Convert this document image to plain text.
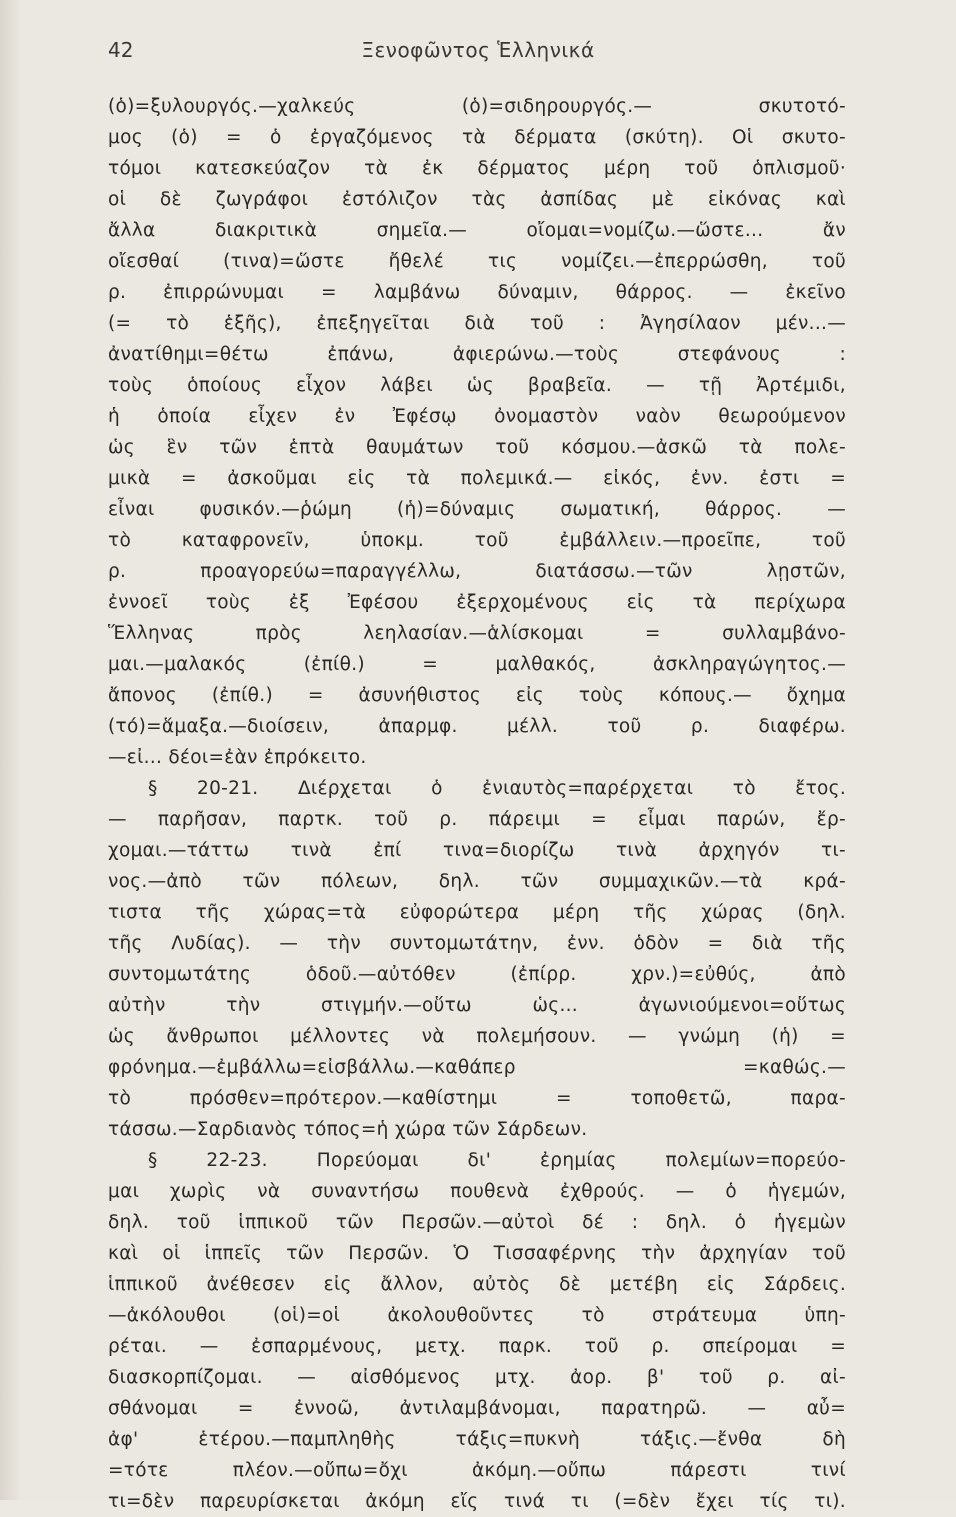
42	Ξενοφῶντος Ἑλληνικά
(ὁ)=ξυλουργός.—χαλκεύς (ὁ)=σιδηρουργός.— σκυτοτό-
μος (ὁ) = ὁ ἐργαζόμενος τὰ δέρματα (σκύτη). Οἱ σκυτο-
τόμοι κατεσκεύαζον τὰ ἐκ δέρματος μέρη τοῦ ὁπλισμοῦ·
οἱ δὲ ζωγράφοι ἐστόλιζον τὰς ἀσπίδας μὲ εἰκόνας καὶ
ἄλλα διακριτικὰ σημεῖα.— οἴομαι=νομίζω.—ὥστε... ἄν
οἴεσθαί (τινα)=ὥστε ἤθελέ τις νομίζει.—ἐπερρώσθη, τοῦ
ρ. ἐπιρρώνυμαι = λαμβάνω δύναμιν, θάρρος. — ἐκεῖνο
(= τὸ ἑξῆς), ἐπεξηγεῖται διὰ τοῦ : Ἀγησίλαον μέν...—
ἀνατίθημι=θέτω ἐπάνω, ἀφιερώνω.—τοὺς στεφάνους :
τοὺς ὁποίους εἶχον λάβει ὡς βραβεῖα. — τῇ Ἀρτέμιδι,
ἡ ὁποία εἶχεν ἐν Ἐφέσῳ ὀνομαστὸν ναὸν θεωρούμενον
ὡς ἓν τῶν ἑπτὰ θαυμάτων τοῦ κόσμου.—ἀσκῶ τὰ πολε-
μικὰ = ἀσκοῦμαι εἰς τὰ πολεμικά.— εἰκός, ἐνν. ἐστι =
εἶναι φυσικόν.—ῥώμη (ἡ)=δύναμις σωματική, θάρρος. —
τὸ καταφρονεῖν, ὑποκμ. τοῦ ἐμβάλλειν.—προεῖπε, τοῦ
ρ. προαγορεύω=παραγγέλλω, διατάσσω.—τῶν λῃστῶν,
ἐννοεῖ τοὺς ἐξ Ἐφέσου ἐξερχομένους εἰς τὰ περίχωρα
Ἕλληνας πρὸς λεηλασίαν.—ἁλίσκομαι = συλλαμβάνο-
μαι.—μαλακός (ἐπίθ.) = μαλθακός, ἀσκληραγώγητος.—
ἄπονος (ἐπίθ.) = ἀσυνήθιστος εἰς τοὺς κόπους.— ὄχημα
(τό)=ἅμαξα.—διοίσειν, ἀπαρμφ. μέλλ. τοῦ ρ. διαφέρω.
—εἰ... δέοι=ἐὰν ἐπρόκειτο.
§ 20-21. Διέρχεται ὁ ἐνιαυτὸς=παρέρχεται τὸ ἔτος.
— παρῆσαν, παρτκ. τοῦ ρ. πάρειμι = εἶμαι παρών, ἔρ-
χομαι.—τάττω τινὰ ἐπί τινα=διορίζω τινὰ ἀρχηγόν τι-
νος.—ἀπὸ τῶν πόλεων, δηλ. τῶν συμμαχικῶν.—τὰ κρά-
τιστα τῆς χώρας=τὰ εὐφορώτερα μέρη τῆς χώρας (δηλ.
τῆς Λυδίας). — τὴν συντομωτάτην, ἐνν. ὁδὸν = διὰ τῆς
συντομωτάτης ὁδοῦ.—αὐτόθεν (ἐπίρρ. χρν.)=εὐθύς, ἀπὸ
αὐτὴν τὴν στιγμήν.—οὕτω ὡς... ἀγωνιούμενοι=οὕτως
ὡς ἄνθρωποι μέλλοντες νὰ πολεμήσουν. — γνώμη (ἡ) =
φρόνημα.—ἐμβάλλω=εἰσβάλλω.—καθάπερ =καθώς.—
τὸ πρόσθεν=πρότερον.—καθίστημι = τοποθετῶ, παρα-
τάσσω.—Σαρδιανὸς τόπος=ἡ χώρα τῶν Σάρδεων.
§ 22-23. Πορεύομαι δι' ἐρημίας πολεμίων=πορεύο-
μαι χωρὶς νὰ συναντήσω πουθενὰ ἐχθρούς. — ὁ ἡγεμών,
δηλ. τοῦ ἱππικοῦ τῶν Περσῶν.—αὐτοὶ δέ : δηλ. ὁ ἡγεμὼν
καὶ οἱ ἱππεῖς τῶν Περσῶν. Ὁ Τισσαφέρνης τὴν ἀρχηγίαν τοῦ
ἱππικοῦ ἀνέθεσεν εἰς ἄλλον, αὐτὸς δὲ μετέβη εἰς Σάρδεις.
—ἀκόλουθοι (οἱ)=οἱ ἀκολουθοῦντες τὸ στράτευμα ὑπη-
ρέται. — ἐσπαρμένους, μετχ. παρκ. τοῦ ρ. σπείρομαι =
διασκορπίζομαι. — αἰσθόμενος μτχ. ἀορ. β' τοῦ ρ. αἰ-
σθάνομαι = ἐννοῶ, ἀντιλαμβάνομαι, παρατηρῶ. — αὖ=
ἀφ' ἑτέρου.—παμπληθὴς τάξις=πυκνὴ τάξις.—ἔνθα δὴ
=τότε πλέον.—οὔπω=ὄχι ἀκόμη.—οὔπω πάρεστι τινί
τι=δὲν παρευρίσκεται ἀκόμη εἴς τινά τι (=δὲν ἔχει τίς τι).
